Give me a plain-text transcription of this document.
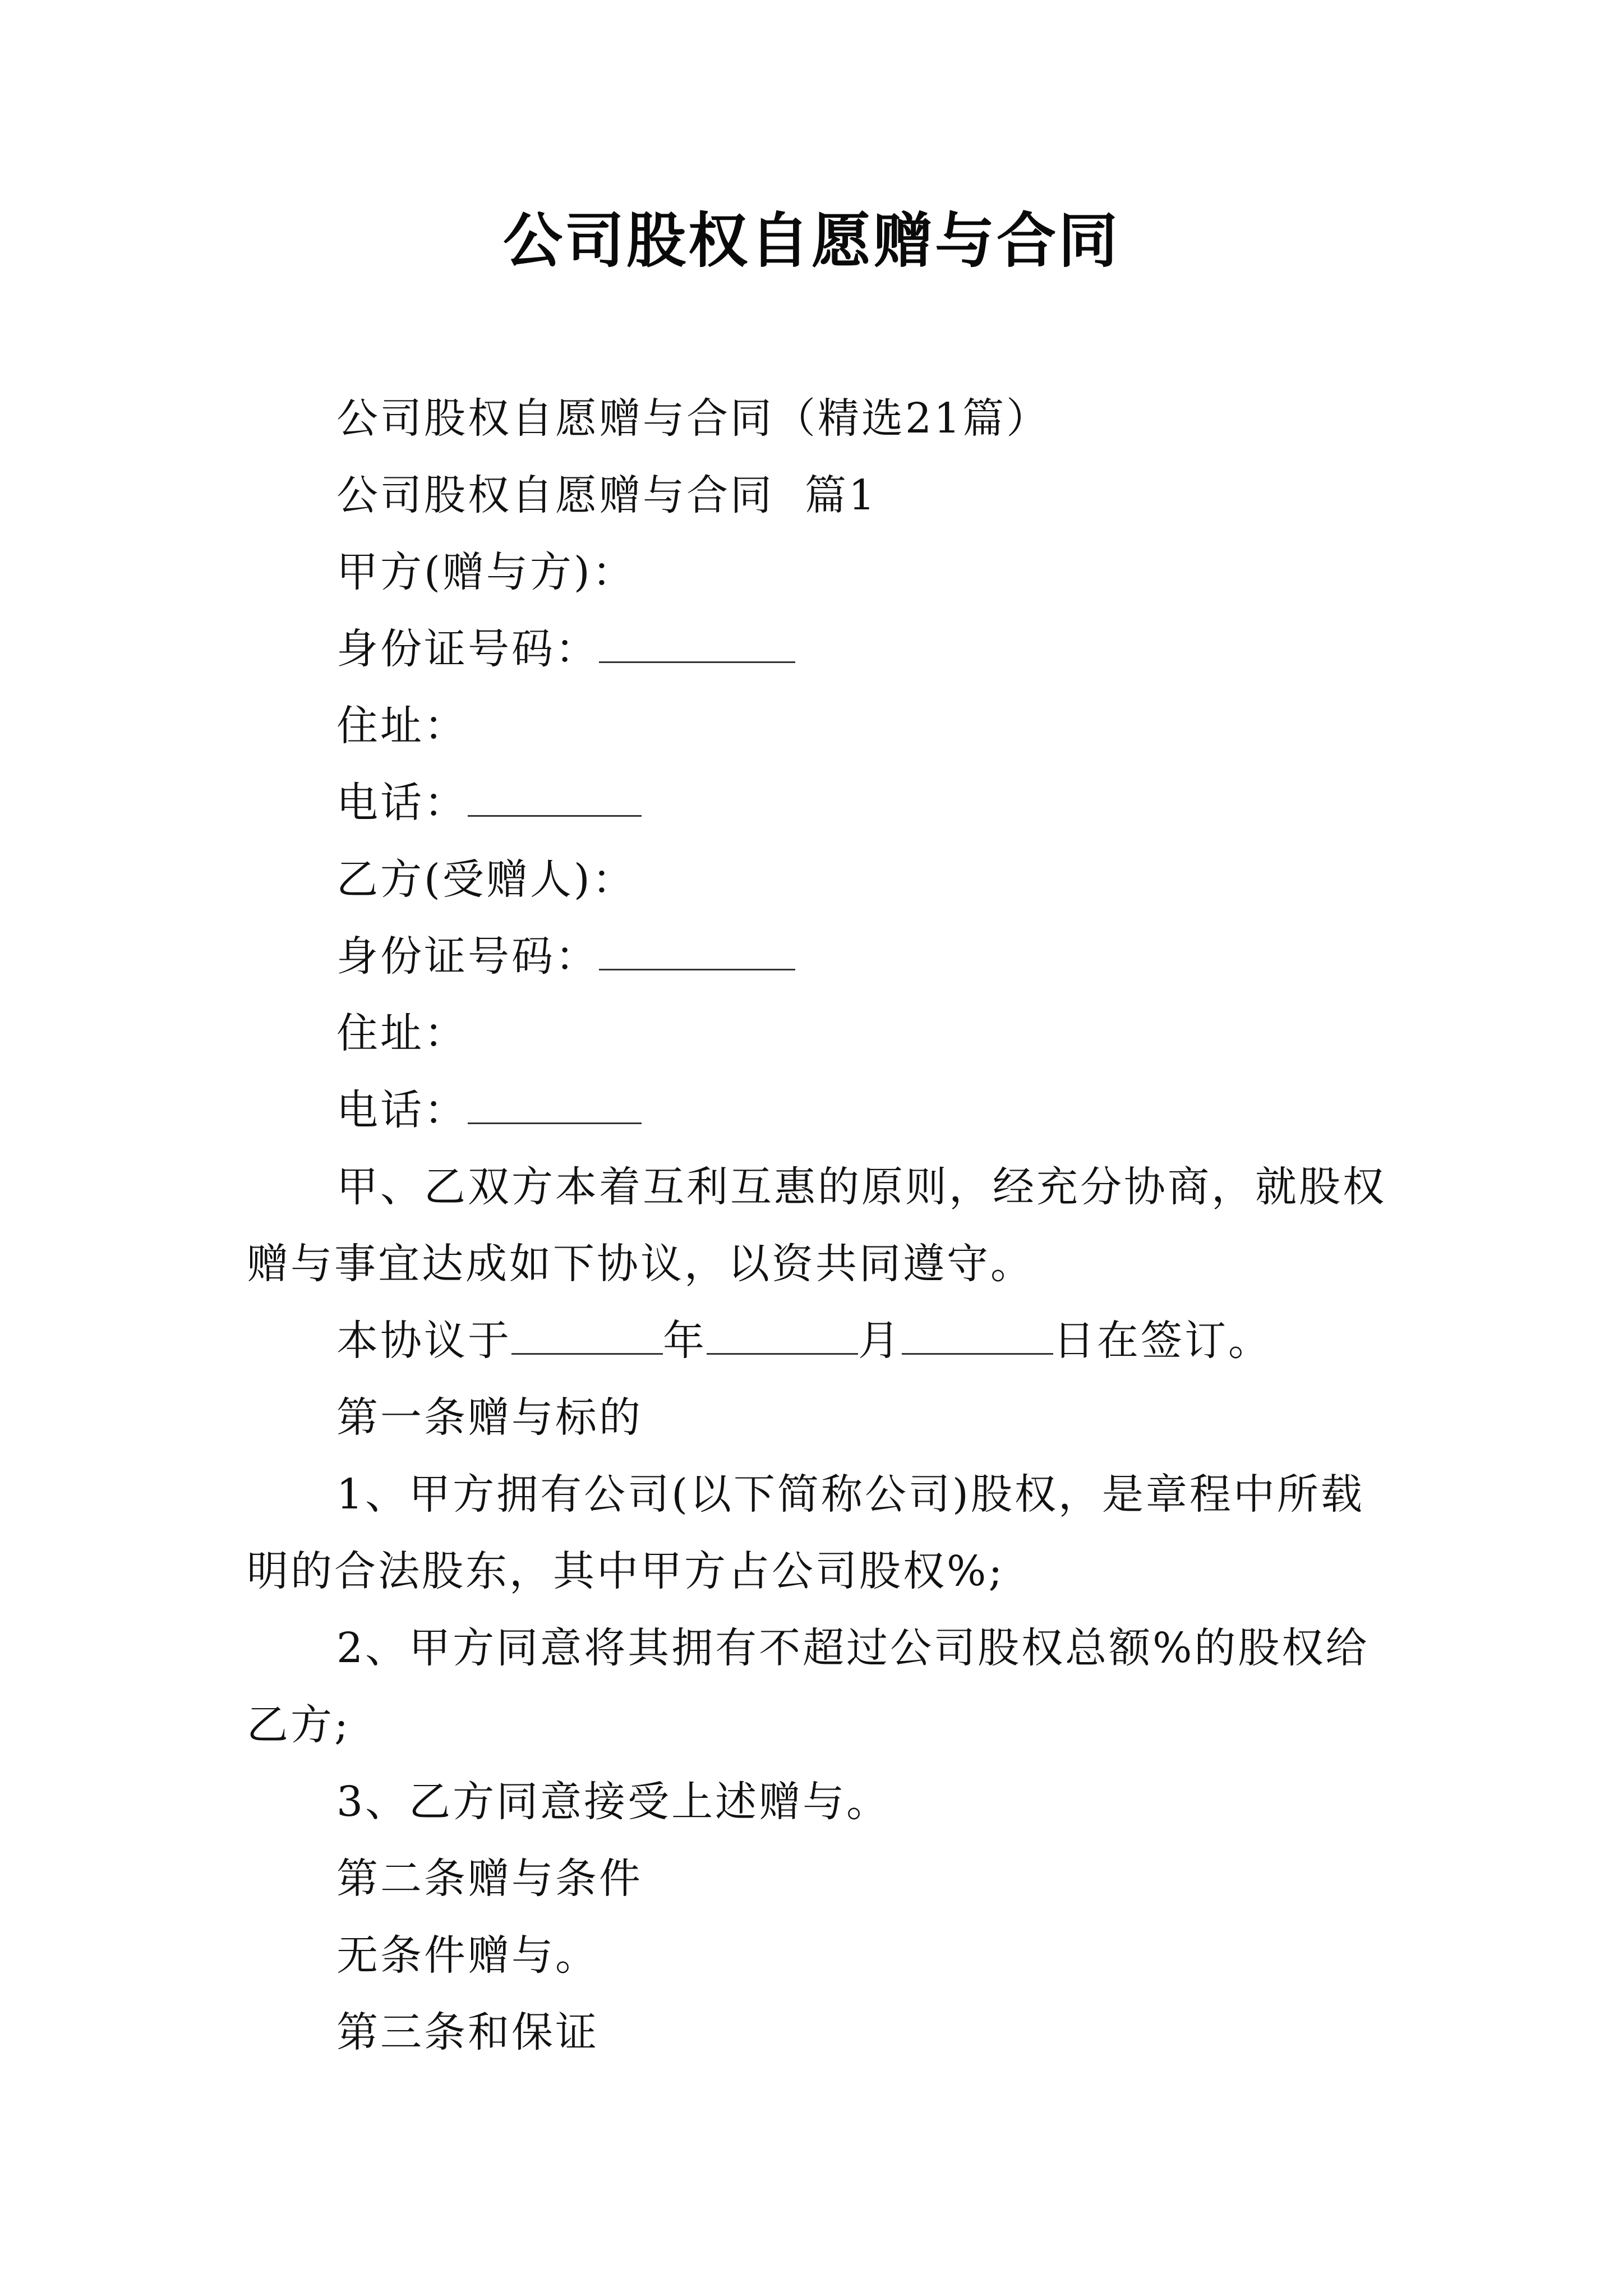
公司股权自愿赠与合同

公司股权自愿赠与合同（精选21篇）

公司股权自愿赠与合同  篇1

甲方(赠与方)：

身份证号码：

住址：

电话：

乙方(受赠人)：

身份证号码：

住址：

电话：

甲、乙双方本着互利互惠的原则，经充分协商，就股权赠与事宜达成如下协议，以资共同遵守。

本协议于	年	月	日在签订。

第一条赠与标的

1、甲方拥有公司(以下简称公司)股权，是章程中所载明的合法股东，其中甲方占公司股权%;

2、甲方同意将其拥有不超过公司股权总额%的股权给乙方;

3、乙方同意接受上述赠与。

第二条赠与条件

无条件赠与。

第三条和保证
